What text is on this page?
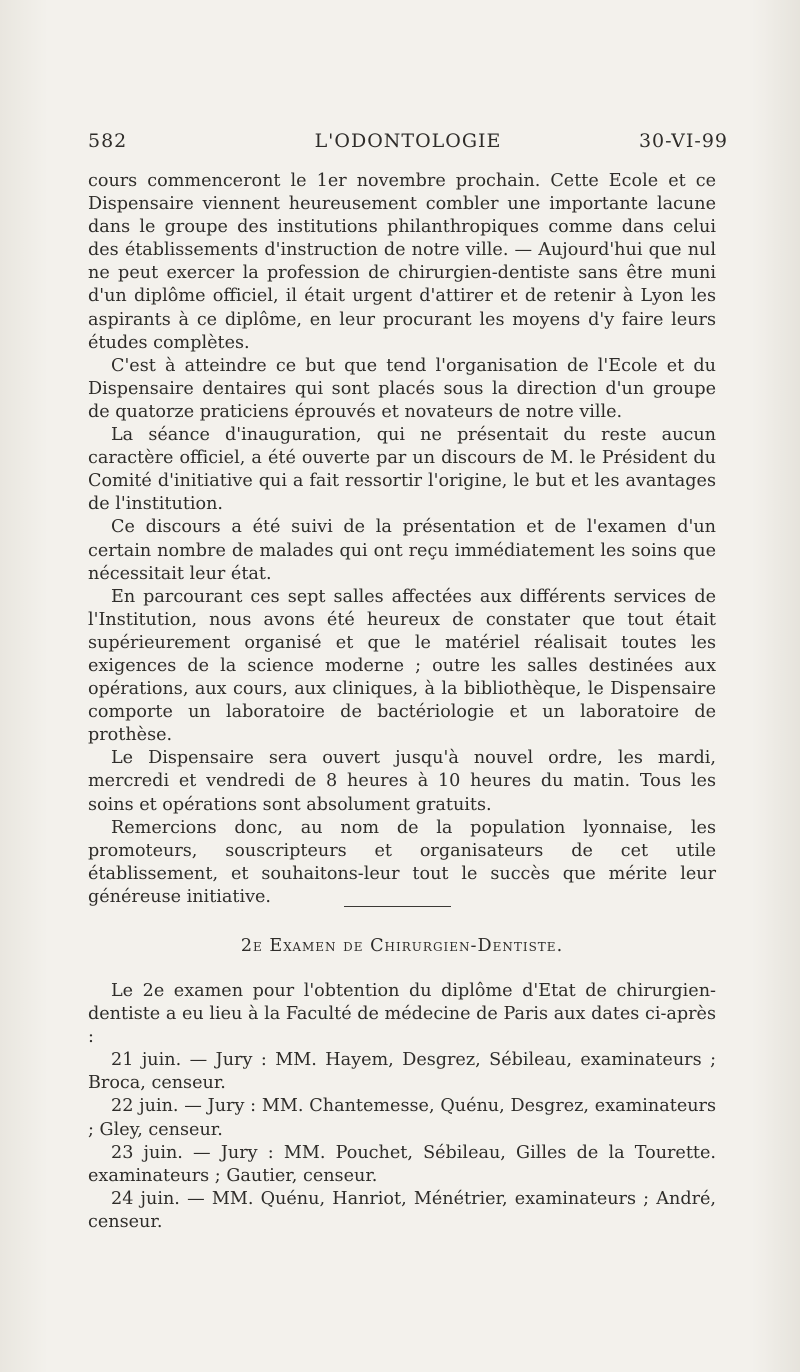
582	L'ODONTOLOGIE	30-VI-99

cours commenceront le 1er novembre prochain. Cette Ecole et ce Dispensaire viennent heureusement combler une importante lacune dans le groupe des institutions philanthropiques comme dans celui des établissements d'instruction de notre ville. — Aujourd'hui que nul ne peut exercer la profession de chirurgien-dentiste sans être muni d'un diplôme officiel, il était urgent d'attirer et de retenir à Lyon les aspirants à ce diplôme, en leur procurant les moyens d'y faire leurs études complètes.

C'est à atteindre ce but que tend l'organisation de l'Ecole et du Dispensaire dentaires qui sont placés sous la direction d'un groupe de quatorze praticiens éprouvés et novateurs de notre ville.

La séance d'inauguration, qui ne présentait du reste aucun caractère officiel, a été ouverte par un discours de M. le Président du Comité d'initiative qui a fait ressortir l'origine, le but et les avantages de l'institution.

Ce discours a été suivi de la présentation et de l'examen d'un certain nombre de malades qui ont reçu immédiatement les soins que nécessitait leur état.

En parcourant ces sept salles affectées aux différents services de l'Institution, nous avons été heureux de constater que tout était supérieurement organisé et que le matériel réalisait toutes les exigences de la science moderne ; outre les salles destinées aux opérations, aux cours, aux cliniques, à la bibliothèque, le Dispensaire comporte un laboratoire de bactériologie et un laboratoire de prothèse.

Le Dispensaire sera ouvert jusqu'à nouvel ordre, les mardi, mercredi et vendredi de 8 heures à 10 heures du matin. Tous les soins et opérations sont absolument gratuits.

Remercions donc, au nom de la population lyonnaise, les promoteurs, souscripteurs et organisateurs de cet utile établissement, et souhaitons-leur tout le succès que mérite leur généreuse initiative.

2e Examen de Chirurgien-Dentiste.

Le 2e examen pour l'obtention du diplôme d'Etat de chirurgien-dentiste a eu lieu à la Faculté de médecine de Paris aux dates ci-après :

21 juin. — Jury : MM. Hayem, Desgrez, Sébileau, examinateurs ; Broca, censeur.

22 juin. — Jury : MM. Chantemesse, Quénu, Desgrez, examinateurs ; Gley, censeur.

23 juin. — Jury : MM. Pouchet, Sébileau, Gilles de la Tourette. examinateurs ; Gautier, censeur.

24 juin. — MM. Quénu, Hanriot, Ménétrier, examinateurs ; André, censeur.
